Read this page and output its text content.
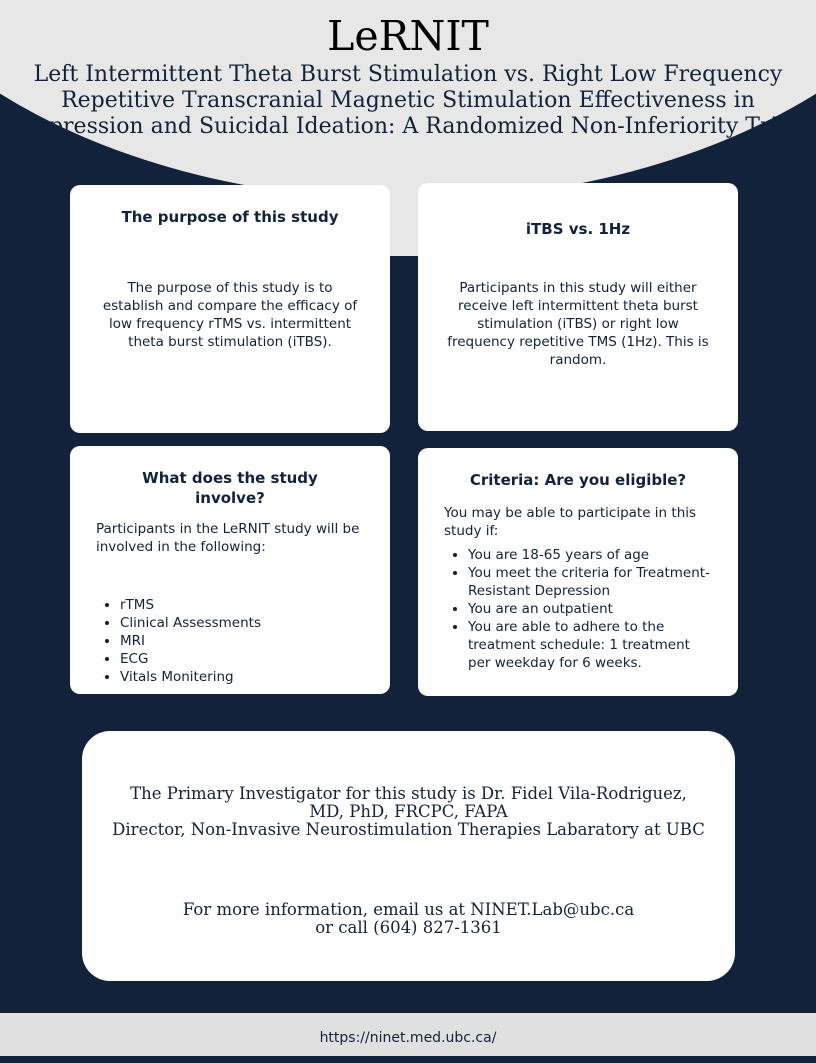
LeRNIT
Left Intermittent Theta Burst Stimulation vs. Right Low Frequency Repetitive Transcranial Magnetic Stimulation Effectiveness in Depression and Suicidal Ideation: A Randomized Non-Inferiority Trial
The purpose of this study
The purpose of this study is to establish and compare the efficacy of low frequency rTMS vs. intermittent theta burst stimulation (iTBS).
iTBS vs. 1Hz
Participants in this study will either receive left intermittent theta burst stimulation (iTBS) or right low frequency repetitive TMS (1Hz). This is random.
What does the study involve?
Participants in the LeRNIT study will be involved in the following:
• rTMS
• Clinical Assessments
• MRI
• ECG
• Vitals Monitering
Criteria: Are you eligible?
You may be able to participate in this study if:
• You are 18-65 years of age
• You meet the criteria for Treatment-Resistant Depression
• You are an outpatient
• You are able to adhere to the treatment schedule: 1 treatment per weekday for 6 weeks.

The Primary Investigator for this study is Dr. Fidel Vila-Rodriguez, MD, PhD, FRCPC, FAPA

Director, Non-Invasive Neurostimulation Therapies Labaratory at UBC

For more information, email us at NINET.Lab@ubc.ca

or call (604) 827-1361

https://ninet.med.ubc.ca/
